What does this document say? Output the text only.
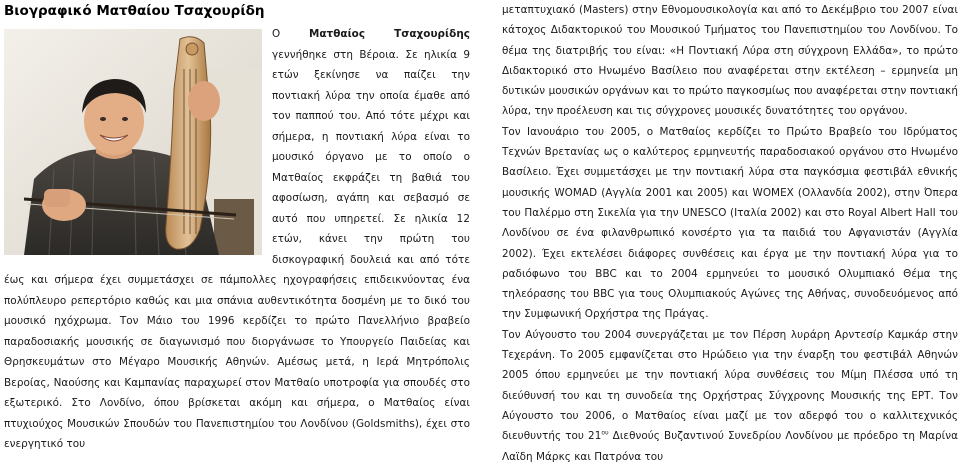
Βιογραφικό Ματθαίου Τσαχουρίδη

Ο Ματθαίος Τσαχουρίδης γεννήθηκε στη Βέροια. Σε ηλικία 9 ετών ξεκίνησε να παίζει την ποντιακή λύρα την οποία έμαθε από τον παππού του. Από τότε μέχρι και σήμερα, η ποντιακή λύρα είναι το μουσικό όργανο με το οποίο ο Ματθαίος εκφράζει τη βαθιά του αφοσίωση, αγάπη και σεβασμό σε αυτό που υπηρετεί. Σε ηλικία 12 ετών, κάνει την πρώτη του δισκογραφική δουλειά και από τότε έως και σήμερα έχει συμμετάσχει σε πάμπολλες ηχογραφήσεις επιδεικνύοντας ένα πολύπλευρο ρεπερτόριο καθώς και μια σπάνια αυθεντικότητα δοσμένη με το δικό του μουσικό ηχόχρωμα. Τον Μάιο του 1996 κερδίζει το πρώτο Πανελλήνιο βραβείο παραδοσιακής μουσικής σε διαγωνισμό που διοργάνωσε το Υπουργείο Παιδείας και Θρησκευμάτων στο Μέγαρο Μουσικής Αθηνών. Αμέσως μετά, η Ιερά Μητρόπολις Βεροίας, Ναούσης και Καμπανίας παραχωρεί στον Ματθαίο υποτροφία για σπουδές στο εξωτερικό. Στο Λονδίνο, όπου βρίσκεται ακόμη και σήμερα, ο Ματθαίος είναι πτυχιούχος Μουσικών Σπουδών του Πανεπιστημίου του Λονδίνου (Goldsmiths), έχει στο ενεργητικό του

μεταπτυχιακό (Masters) στην Εθνομουσικολογία και από το Δεκέμβριο του 2007 είναι κάτοχος Διδακτορικού του Μουσικού Τμήματος του Πανεπιστημίου του Λονδίνου. Το θέμα της διατριβής του είναι: «Η Ποντιακή Λύρα στη σύγχρονη Ελλάδα», το πρώτο Διδακτορικό στο Ηνωμένο Βασίλειο που αναφέρεται στην εκτέλεση – ερμηνεία μη δυτικών μουσικών οργάνων και το πρώτο παγκοσμίως που αναφέρεται στην ποντιακή λύρα, την προέλευση και τις σύγχρονες μουσικές δυνατότητες του οργάνου.

Τον Ιανουάριο του 2005, ο Ματθαίος κερδίζει το Πρώτο Βραβείο του Ιδρύματος Τεχνών Βρετανίας ως ο καλύτερος ερμηνευτής παραδοσιακού οργάνου στο Ηνωμένο Βασίλειο. Έχει συμμετάσχει με την ποντιακή λύρα στα παγκόσμια φεστιβάλ εθνικής μουσικής WOMAD (Αγγλία 2001 και 2005) και WOMEX (Ολλανδία 2002), στην Όπερα του Παλέρμο στη Σικελία για την UNESCO (Ιταλία 2002) και στο Royal Albert Hall του Λονδίνου σε ένα φιλανθρωπικό κονσέρτο για τα παιδιά του Αφγανιστάν (Αγγλία 2002). Έχει εκτελέσει διάφορες συνθέσεις και έργα με την ποντιακή λύρα για το ραδιόφωνο του BBC και το 2004 ερμηνεύει το μουσικό Ολυμπιακό Θέμα της τηλεόρασης του BBC για τους Ολυμπιακούς Αγώνες της Αθήνας, συνοδευόμενος από την Συμφωνική Ορχήστρα της Πράγας.

Τον Αύγουστο του 2004 συνεργάζεται με τον Πέρση λυράρη Αρντεσίρ Καμκάρ στην Τεχεράνη. Το 2005 εμφανίζεται στο Ηρώδειο για την έναρξη του φεστιβάλ Αθηνών 2005 όπου ερμηνεύει με την ποντιακή λύρα συνθέσεις του Μίμη Πλέσσα υπό τη διεύθυνσή του και τη συνοδεία της Ορχήστρας Σύγχρονης Μουσικής της ΕΡΤ. Τον Αύγουστο του 2006, ο Ματθαίος είναι μαζί με τον αδερφό του ο καλλιτεχνικός διευθυντής του $21^{o\upsilon}$ Διεθνούς Βυζαντινού Συνεδρίου Λονδίνου με πρόεδρο τη Μαρίνα Λαϊδη Μάρκς και Πατρόνα του
